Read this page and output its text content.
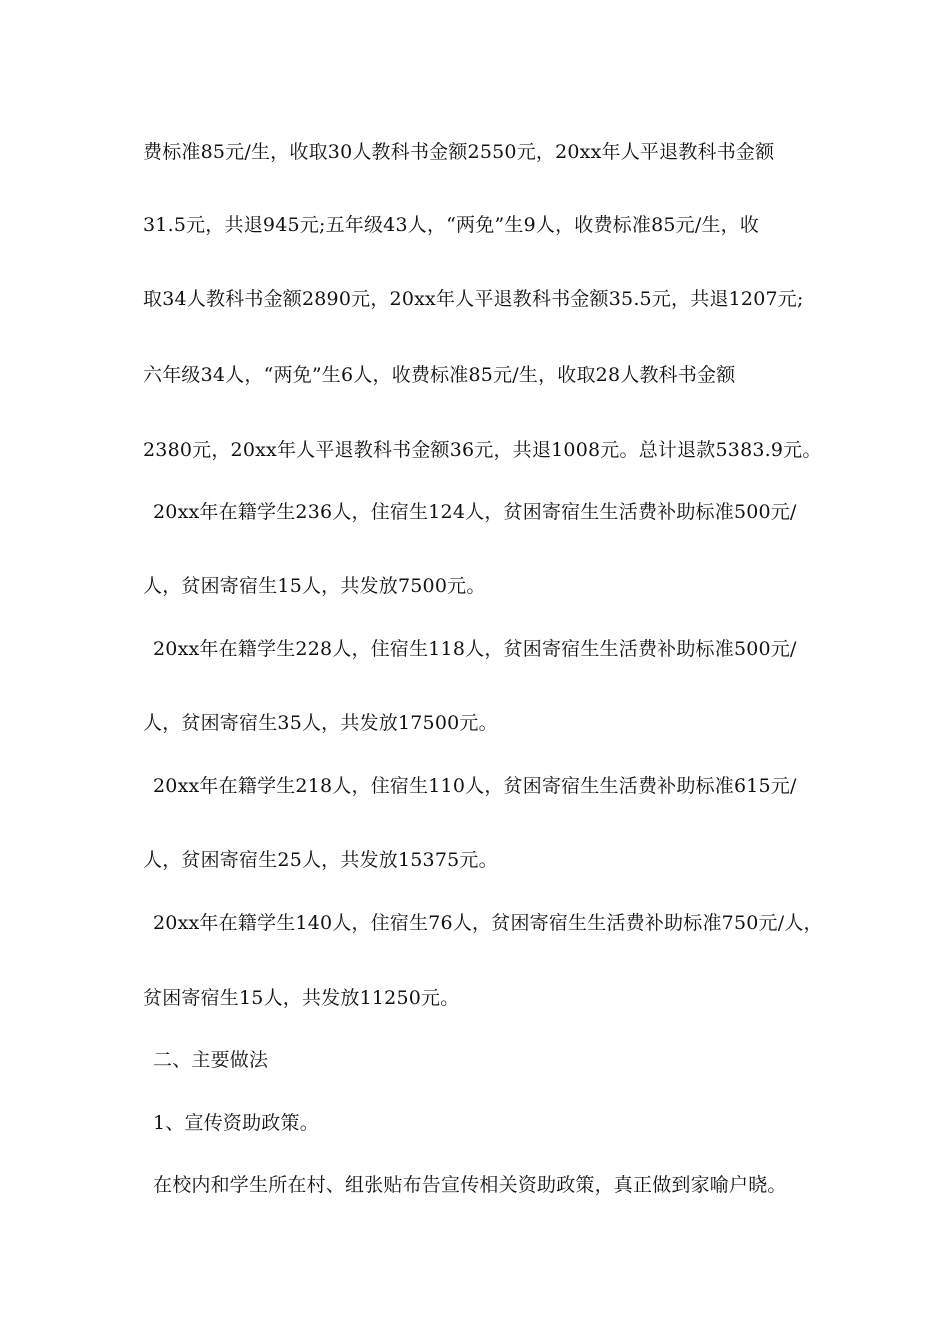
费标准85元/生，收取30人教科书金额2550元，20xx年人平退教科书金额
31.5元，共退945元;五年级43人，“两免”生9人，收费标准85元/生，收
取34人教科书金额2890元，20xx年人平退教科书金额35.5元，共退1207元;
六年级34人，“两免”生6人，收费标准85元/生，收取28人教科书金额
2380元，20xx年人平退教科书金额36元，共退1008元。总计退款5383.9元。
20xx年在籍学生236人，住宿生124人，贫困寄宿生生活费补助标准500元/
人，贫困寄宿生15人，共发放7500元。
20xx年在籍学生228人，住宿生118人，贫困寄宿生生活费补助标准500元/
人，贫困寄宿生35人，共发放17500元。
20xx年在籍学生218人，住宿生110人，贫困寄宿生生活费补助标准615元/
人，贫困寄宿生25人，共发放15375元。
20xx年在籍学生140人，住宿生76人，贫困寄宿生生活费补助标准750元/人，
贫困寄宿生15人，共发放11250元。
二、主要做法
1、宣传资助政策。
在校内和学生所在村、组张贴布告宣传相关资助政策，真正做到家喻户晓。
